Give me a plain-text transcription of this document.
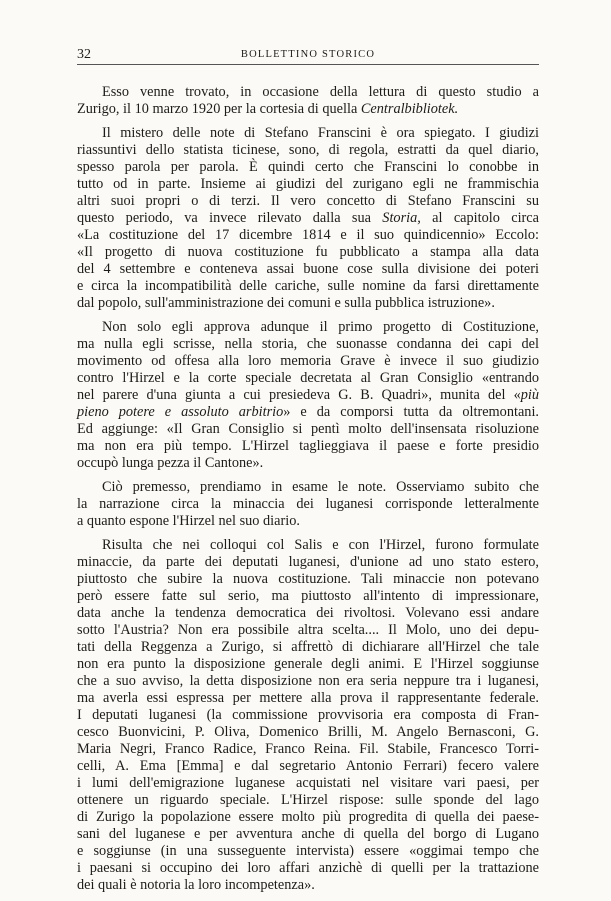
32	BOLLETTINO STORICO

Esso venne trovato, in occasione della lettura di questo studio a
Zurigo, il 10 marzo 1920 per la cortesia di quella Centralbibliotek.

Il mistero delle note di Stefano Franscini è ora spiegato. I giudizi
riassuntivi dello statista ticinese, sono, di regola, estratti da quel diario,
spesso parola per parola. È quindi certo che Franscini lo conobbe in
tutto od in parte. Insieme ai giudizi del zurigano egli ne frammischia
altri suoi propri o di terzi. Il vero concetto di Stefano Franscini su
questo periodo, va invece rilevato dalla sua Storia, al capitolo circa
«La costituzione del 17 dicembre 1814 e il suo quindicennio» Eccolo:
«Il progetto di nuova costituzione fu pubblicato a stampa alla data
del 4 settembre e conteneva assai buone cose sulla divisione dei poteri
e circa la incompatibilità delle cariche, sulle nomine da farsi direttamente
dal popolo, sull'amministrazione dei comuni e sulla pubblica istruzione».

Non solo egli approva adunque il primo progetto di Costituzione,
ma nulla egli scrisse, nella storia, che suonasse condanna dei capi del
movimento od offesa alla loro memoria Grave è invece il suo giudizio
contro l'Hirzel e la corte speciale decretata al Gran Consiglio «entrando
nel parere d'una giunta a cui presiedeva G. B. Quadri», munita del «più
pieno potere e assoluto arbitrio» e da comporsi tutta da oltremontani.
Ed aggiunge: «Il Gran Consiglio si pentì molto dell'insensata risoluzione
ma non era più tempo. L'Hirzel taglieggiava il paese e forte presidio
occupò lunga pezza il Cantone».

Ciò premesso, prendiamo in esame le note. Osserviamo subito che
la narrazione circa la minaccia dei luganesi corrisponde letteralmente
a quanto espone l'Hirzel nel suo diario.

Risulta che nei colloqui col Salis e con l'Hirzel, furono formulate
minaccie, da parte dei deputati luganesi, d'unione ad uno stato estero,
piuttosto che subire la nuova costituzione. Tali minaccie non potevano
però essere fatte sul serio, ma piuttosto all'intento di impressionare,
data anche la tendenza democratica dei rivoltosi. Volevano essi andare
sotto l'Austria? Non era possibile altra scelta.... Il Molo, uno dei depu-
tati della Reggenza a Zurigo, si affrettò di dichiarare all'Hirzel che tale
non era punto la disposizione generale degli animi. E l'Hirzel soggiunse
che a suo avviso, la detta disposizione non era seria neppure tra i luganesi,
ma averla essi espressa per mettere alla prova il rappresentante federale.
I deputati luganesi (la commissione provvisoria era composta di Fran-
cesco Buonvicini, P. Oliva, Domenico Brilli, M. Angelo Bernasconi, G.
Maria Negri, Franco Radice, Franco Reina. Fil. Stabile, Francesco Torri-
celli, A. Ema [Emma] e dal segretario Antonio Ferrari) fecero valere
i lumi dell'emigrazione luganese acquistati nel visitare vari paesi, per
ottenere un riguardo speciale. L'Hirzel rispose: sulle sponde del lago
di Zurigo la popolazione essere molto più progredita di quella dei paese-
sani del luganese e per avventura anche di quella del borgo di Lugano
e soggiunse (in una susseguente intervista) essere «oggimai tempo che
i paesani si occupino dei loro affari anzichè di quelli per la trattazione
dei quali è notoria la loro incompetenza».
